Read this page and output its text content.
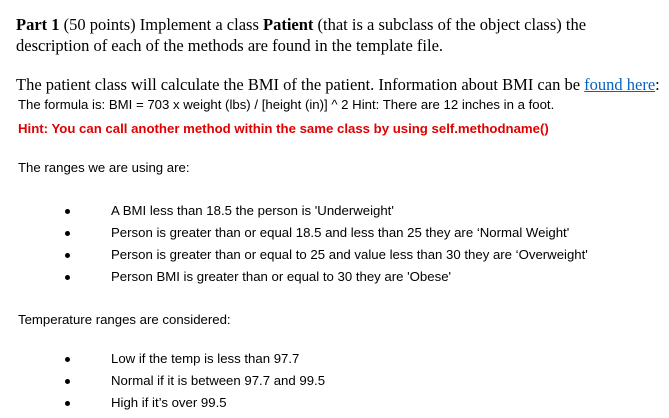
Part 1 (50 points) Implement a class Patient (that is a subclass of the object class) the description of each of the methods are found in the template file.
The patient class will calculate the BMI of the patient. Information about BMI can be found here:
The formula is: BMI = 703 x weight (lbs) / [height (in)] ^ 2 Hint: There are 12 inches in a foot.
Hint: You can call another method within the same class by using self.methodname()
The ranges we are using are:
A BMI less than 18.5 the person is 'Underweight'
Person is greater than or equal 18.5 and less than 25 they are ‘Normal Weight'
Person is greater than or equal to 25 and value less than 30 they are ‘Overweight'
Person BMI is greater than or equal to 30 they are 'Obese'
Temperature ranges are considered:
Low if the temp is less than 97.7
Normal if it is between 97.7 and 99.5
High if it’s over 99.5
